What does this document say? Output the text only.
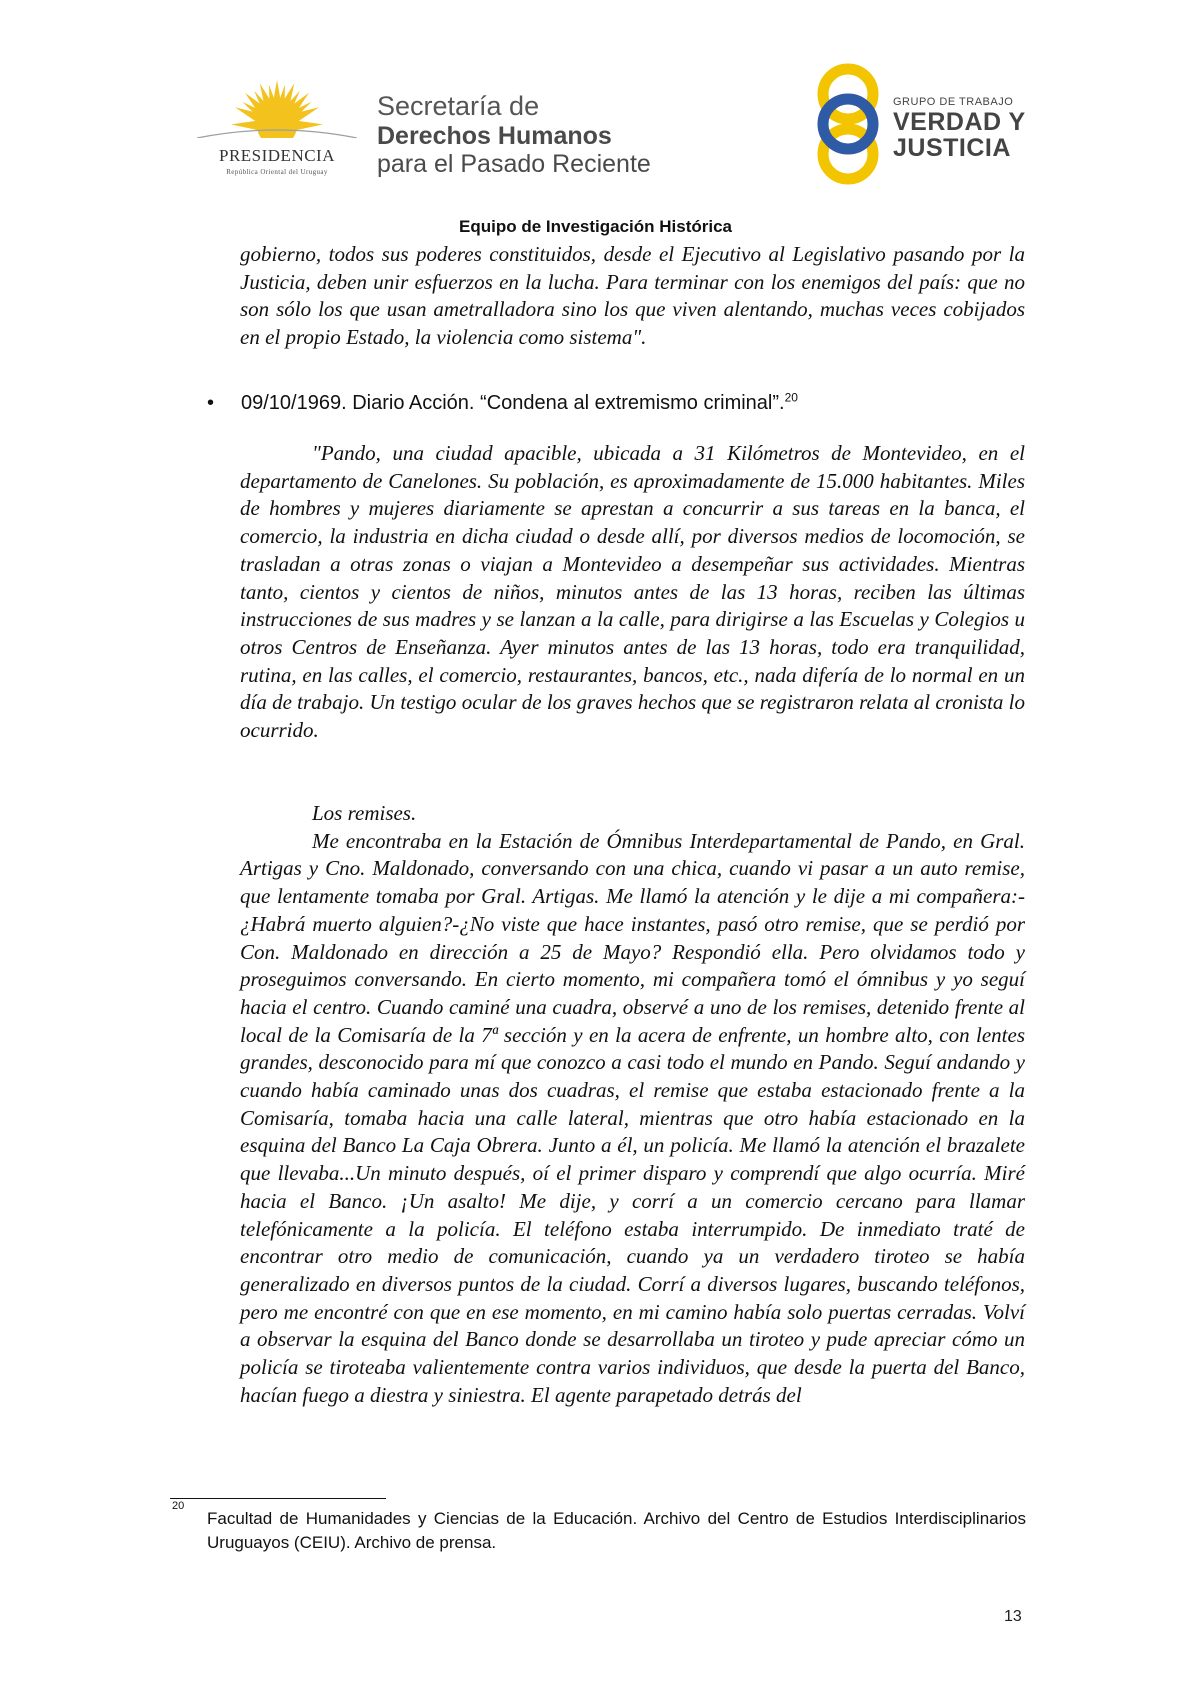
PRESIDENCIA
República Oriental del Uruguay
Secretaría de
Derechos Humanos
para el Pasado Reciente
GRUPO DE TRABAJO
VERDAD Y
JUSTICIA
Equipo de Investigación Histórica

gobierno, todos sus poderes constituidos, desde el Ejecutivo al Legislativo pasando por la Justicia, deben unir esfuerzos en la lucha. Para terminar con los enemigos del país: que no son sólo los que usan ametralladora sino los que viven alentando, muchas veces cobijados en el propio Estado, la violencia como sistema".

• 09/10/1969. Diario Acción. “Condena al extremismo criminal”.$^{20}$

"Pando, una ciudad apacible, ubicada a 31 Kilómetros de Montevideo, en el departamento de Canelones. Su población, es aproximadamente de 15.000 habitantes. Miles de hombres y mujeres diariamente se aprestan a concurrir a sus tareas en la banca, el comercio, la industria en dicha ciudad o desde allí, por diversos medios de locomoción, se trasladan a otras zonas o viajan a Montevideo a desempeñar sus actividades. Mientras tanto, cientos y cientos de niños, minutos antes de las 13 horas, reciben las últimas instrucciones de sus madres y se lanzan a la calle, para dirigirse a las Escuelas y Colegios u otros Centros de Enseñanza. Ayer minutos antes de las 13 horas, todo era tranquilidad, rutina, en las calles, el comercio, restaurantes, bancos, etc., nada difería de lo normal en un día de trabajo. Un testigo ocular de los graves hechos que se registraron relata al cronista lo ocurrido.

Los remises.

Me encontraba en la Estación de Ómnibus Interdepartamental de Pando, en Gral. Artigas y Cno. Maldonado, conversando con una chica, cuando vi pasar a un auto remise, que lentamente tomaba por Gral. Artigas. Me llamó la atención y le dije a mi compañera:-¿Habrá muerto alguien?-¿No viste que hace instantes, pasó otro remise, que se perdió por Con. Maldonado en dirección a 25 de Mayo? Respondió ella. Pero olvidamos todo y proseguimos conversando. En cierto momento, mi compañera tomó el ómnibus y yo seguí hacia el centro. Cuando caminé una cuadra, observé a uno de los remises, detenido frente al local de la Comisaría de la 7ª sección y en la acera de enfrente, un hombre alto, con lentes grandes, desconocido para mí que conozco a casi todo el mundo en Pando. Seguí andando y cuando había caminado unas dos cuadras, el remise que estaba estacionado frente a la Comisaría, tomaba hacia una calle lateral, mientras que otro había estacionado en la esquina del Banco La Caja Obrera. Junto a él, un policía. Me llamó la atención el brazalete que llevaba...Un minuto después, oí el primer disparo y comprendí que algo ocurría. Miré hacia el Banco. ¡Un asalto! Me dije, y corrí a un comercio cercano para llamar telefónicamente a la policía. El teléfono estaba interrumpido. De inmediato traté de encontrar otro medio de comunicación, cuando ya un verdadero tiroteo se había generalizado en diversos puntos de la ciudad. Corrí a diversos lugares, buscando teléfonos, pero me encontré con que en ese momento, en mi camino había solo puertas cerradas. Volví a observar la esquina del Banco donde se desarrollaba un tiroteo y pude apreciar cómo un policía se tiroteaba valientemente contra varios individuos, que desde la puerta del Banco, hacían fuego a diestra y siniestra. El agente parapetado detrás del

20
Facultad de Humanidades y Ciencias de la Educación. Archivo del Centro de Estudios Interdisciplinarios Uruguayos (CEIU). Archivo de prensa.
13
